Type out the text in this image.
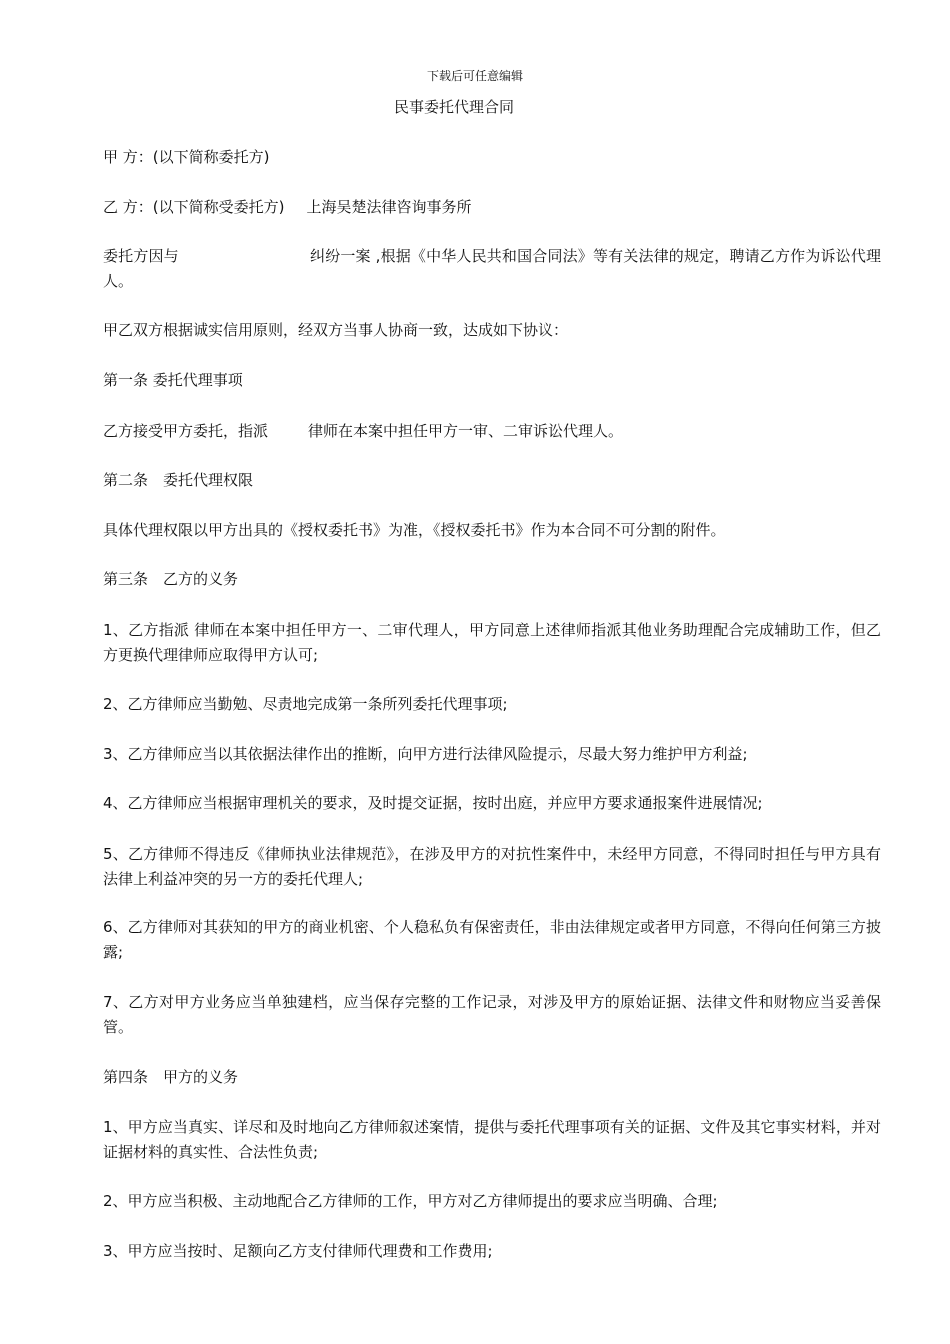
下载后可任意编辑
民事委托代理合同

甲 方：(以下简称委托方)

乙 方：(以下简称受委托方) 上海吴楚法律咨询事务所

委托方因与	纠纷一案 ,根据《中华人民共和国合同法》等有关法律的规定，聘请乙方作为诉讼代理人。

甲乙双方根据诚实信用原则，经双方当事人协商一致，达成如下协议：

第一条 委托代理事项

乙方接受甲方委托，指派	律师在本案中担任甲方一审、二审诉讼代理人。

第二条　委托代理权限

具体代理权限以甲方出具的《授权委托书》为准，《授权委托书》作为本合同不可分割的附件。

第三条　乙方的义务

1、乙方指派 律师在本案中担任甲方一、二审代理人，甲方同意上述律师指派其他业务助理配合完成辅助工作，但乙方更换代理律师应取得甲方认可;

2、乙方律师应当勤勉、尽责地完成第一条所列委托代理事项;

3、乙方律师应当以其依据法律作出的推断，向甲方进行法律风险提示，尽最大努力维护甲方利益;

4、乙方律师应当根据审理机关的要求，及时提交证据，按时出庭，并应甲方要求通报案件进展情况;

5、乙方律师不得违反《律师执业法律规范》，在涉及甲方的对抗性案件中，未经甲方同意，不得同时担任与甲方具有法律上利益冲突的另一方的委托代理人;

6、乙方律师对其获知的甲方的商业机密、个人稳私负有保密责任，非由法律规定或者甲方同意，不得向任何第三方披露;

7、乙方对甲方业务应当单独建档，应当保存完整的工作记录，对涉及甲方的原始证据、法律文件和财物应当妥善保管。

第四条　甲方的义务

1、甲方应当真实、详尽和及时地向乙方律师叙述案情，提供与委托代理事项有关的证据、文件及其它事实材料，并对证据材料的真实性、合法性负责;

2、甲方应当积极、主动地配合乙方律师的工作，甲方对乙方律师提出的要求应当明确、合理;

3、甲方应当按时、足额向乙方支付律师代理费和工作费用;
